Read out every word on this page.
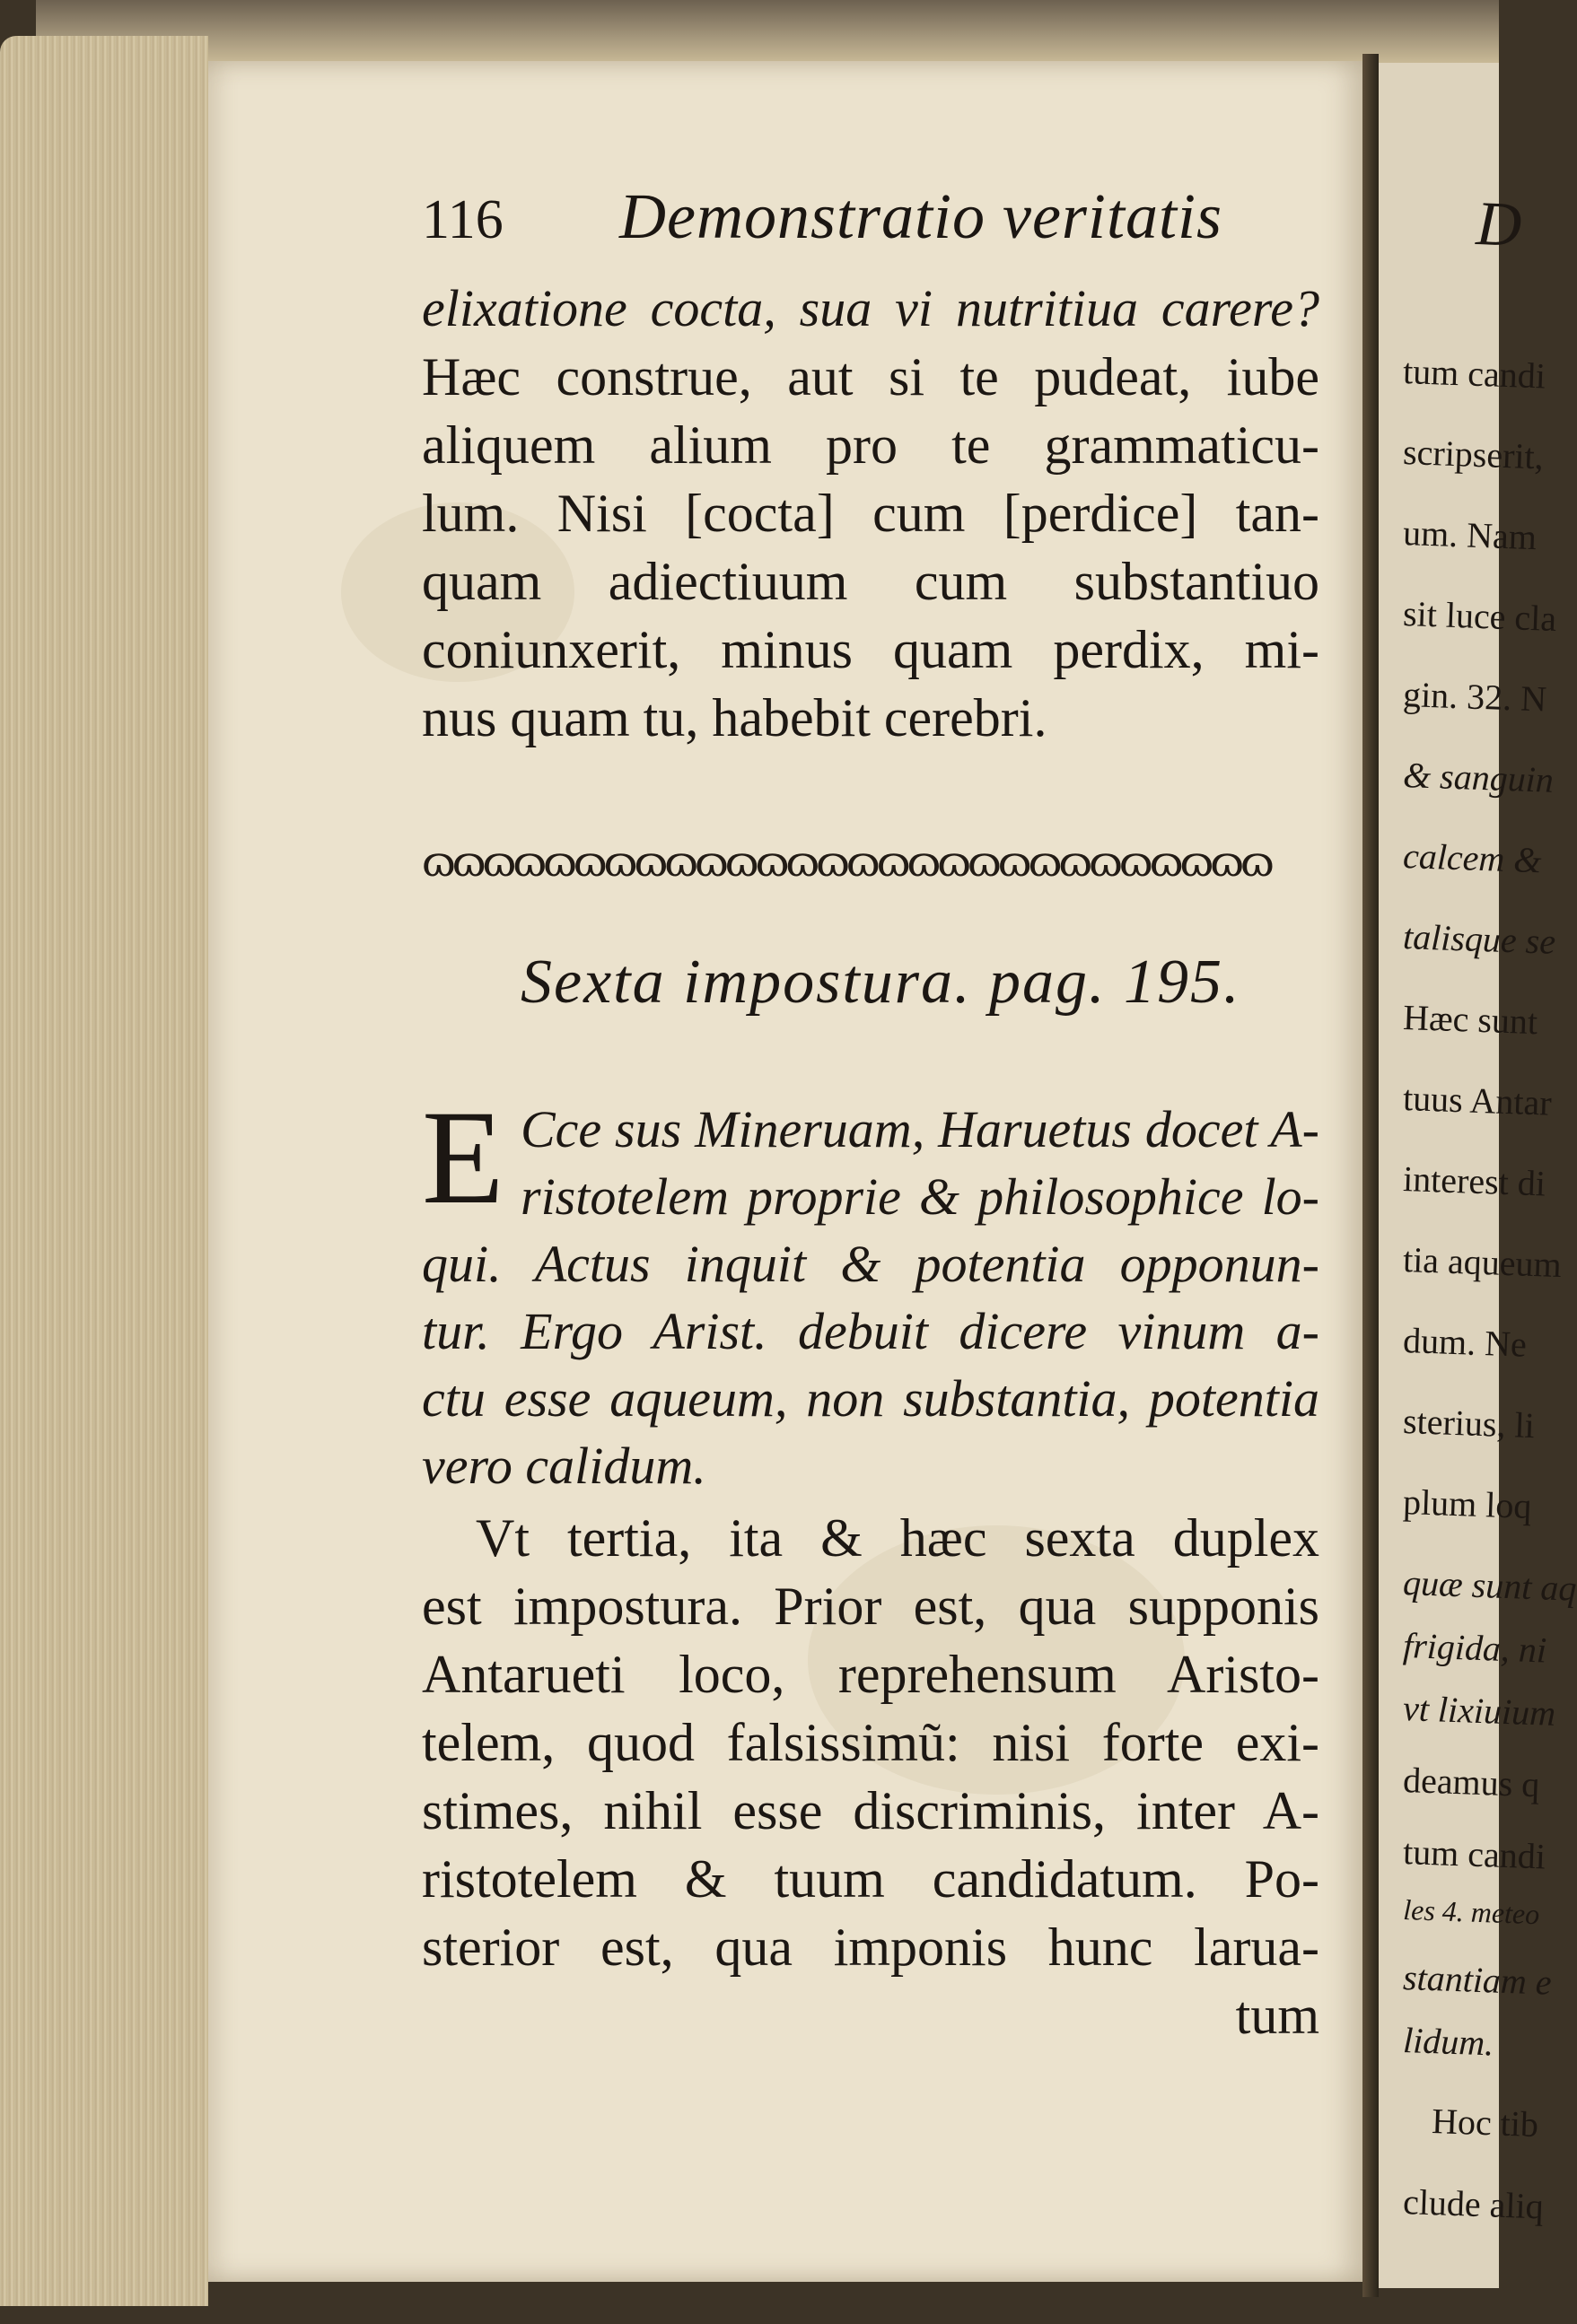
D
tum candi
scripserit,
um. Nam
sit luce cla
gin. 32. N
& sanguin
calcem &
talisque se
Hæc sunt
tuus Antar
interest di
tia aqueum
dum. Ne
sterius, li
plum loq
quæ sunt aq
frigida, ni
vt lixiuium
deamus q
tum candi
les 4. meteo
stantiam e
lidum.
Hoc tib
clude aliq
116 Demonstratio veritatis
elixatione cocta, sua vi nutritiua carere?
Hæc construe, aut si te pudeat, iube
aliquem alium pro te grammaticu-
lum. Nisi [cocta] cum [perdice] tan-
quam adiectiuum cum substantiuo
coniunxerit, minus quam perdix, mi-
nus quam tu, habebit cerebri.
ɷɷɷɷɷɷɷɷɷɷɷɷɷɷɷɷɷɷɷɷɷɷɷɷɷɷɷɷ
Sexta impostura. pag. 195.
E Cce sus Mineruam, Haruetus docet A-
ristotelem proprie & philosophice lo-
qui. Actus inquit & potentia opponun-
tur. Ergo Arist. debuit dicere vinum a-
ctu esse aqueum, non substantia, potentia
vero calidum.
Vt tertia, ita & hæc sexta duplex
est impostura. Prior est, qua supponis
Antarueti loco, reprehensum Aristo-
telem, quod falsissimũ: nisi forte exi-
stimes, nihil esse discriminis, inter A-
ristotelem & tuum candidatum. Po-
sterior est, qua imponis hunc larua-
tum
